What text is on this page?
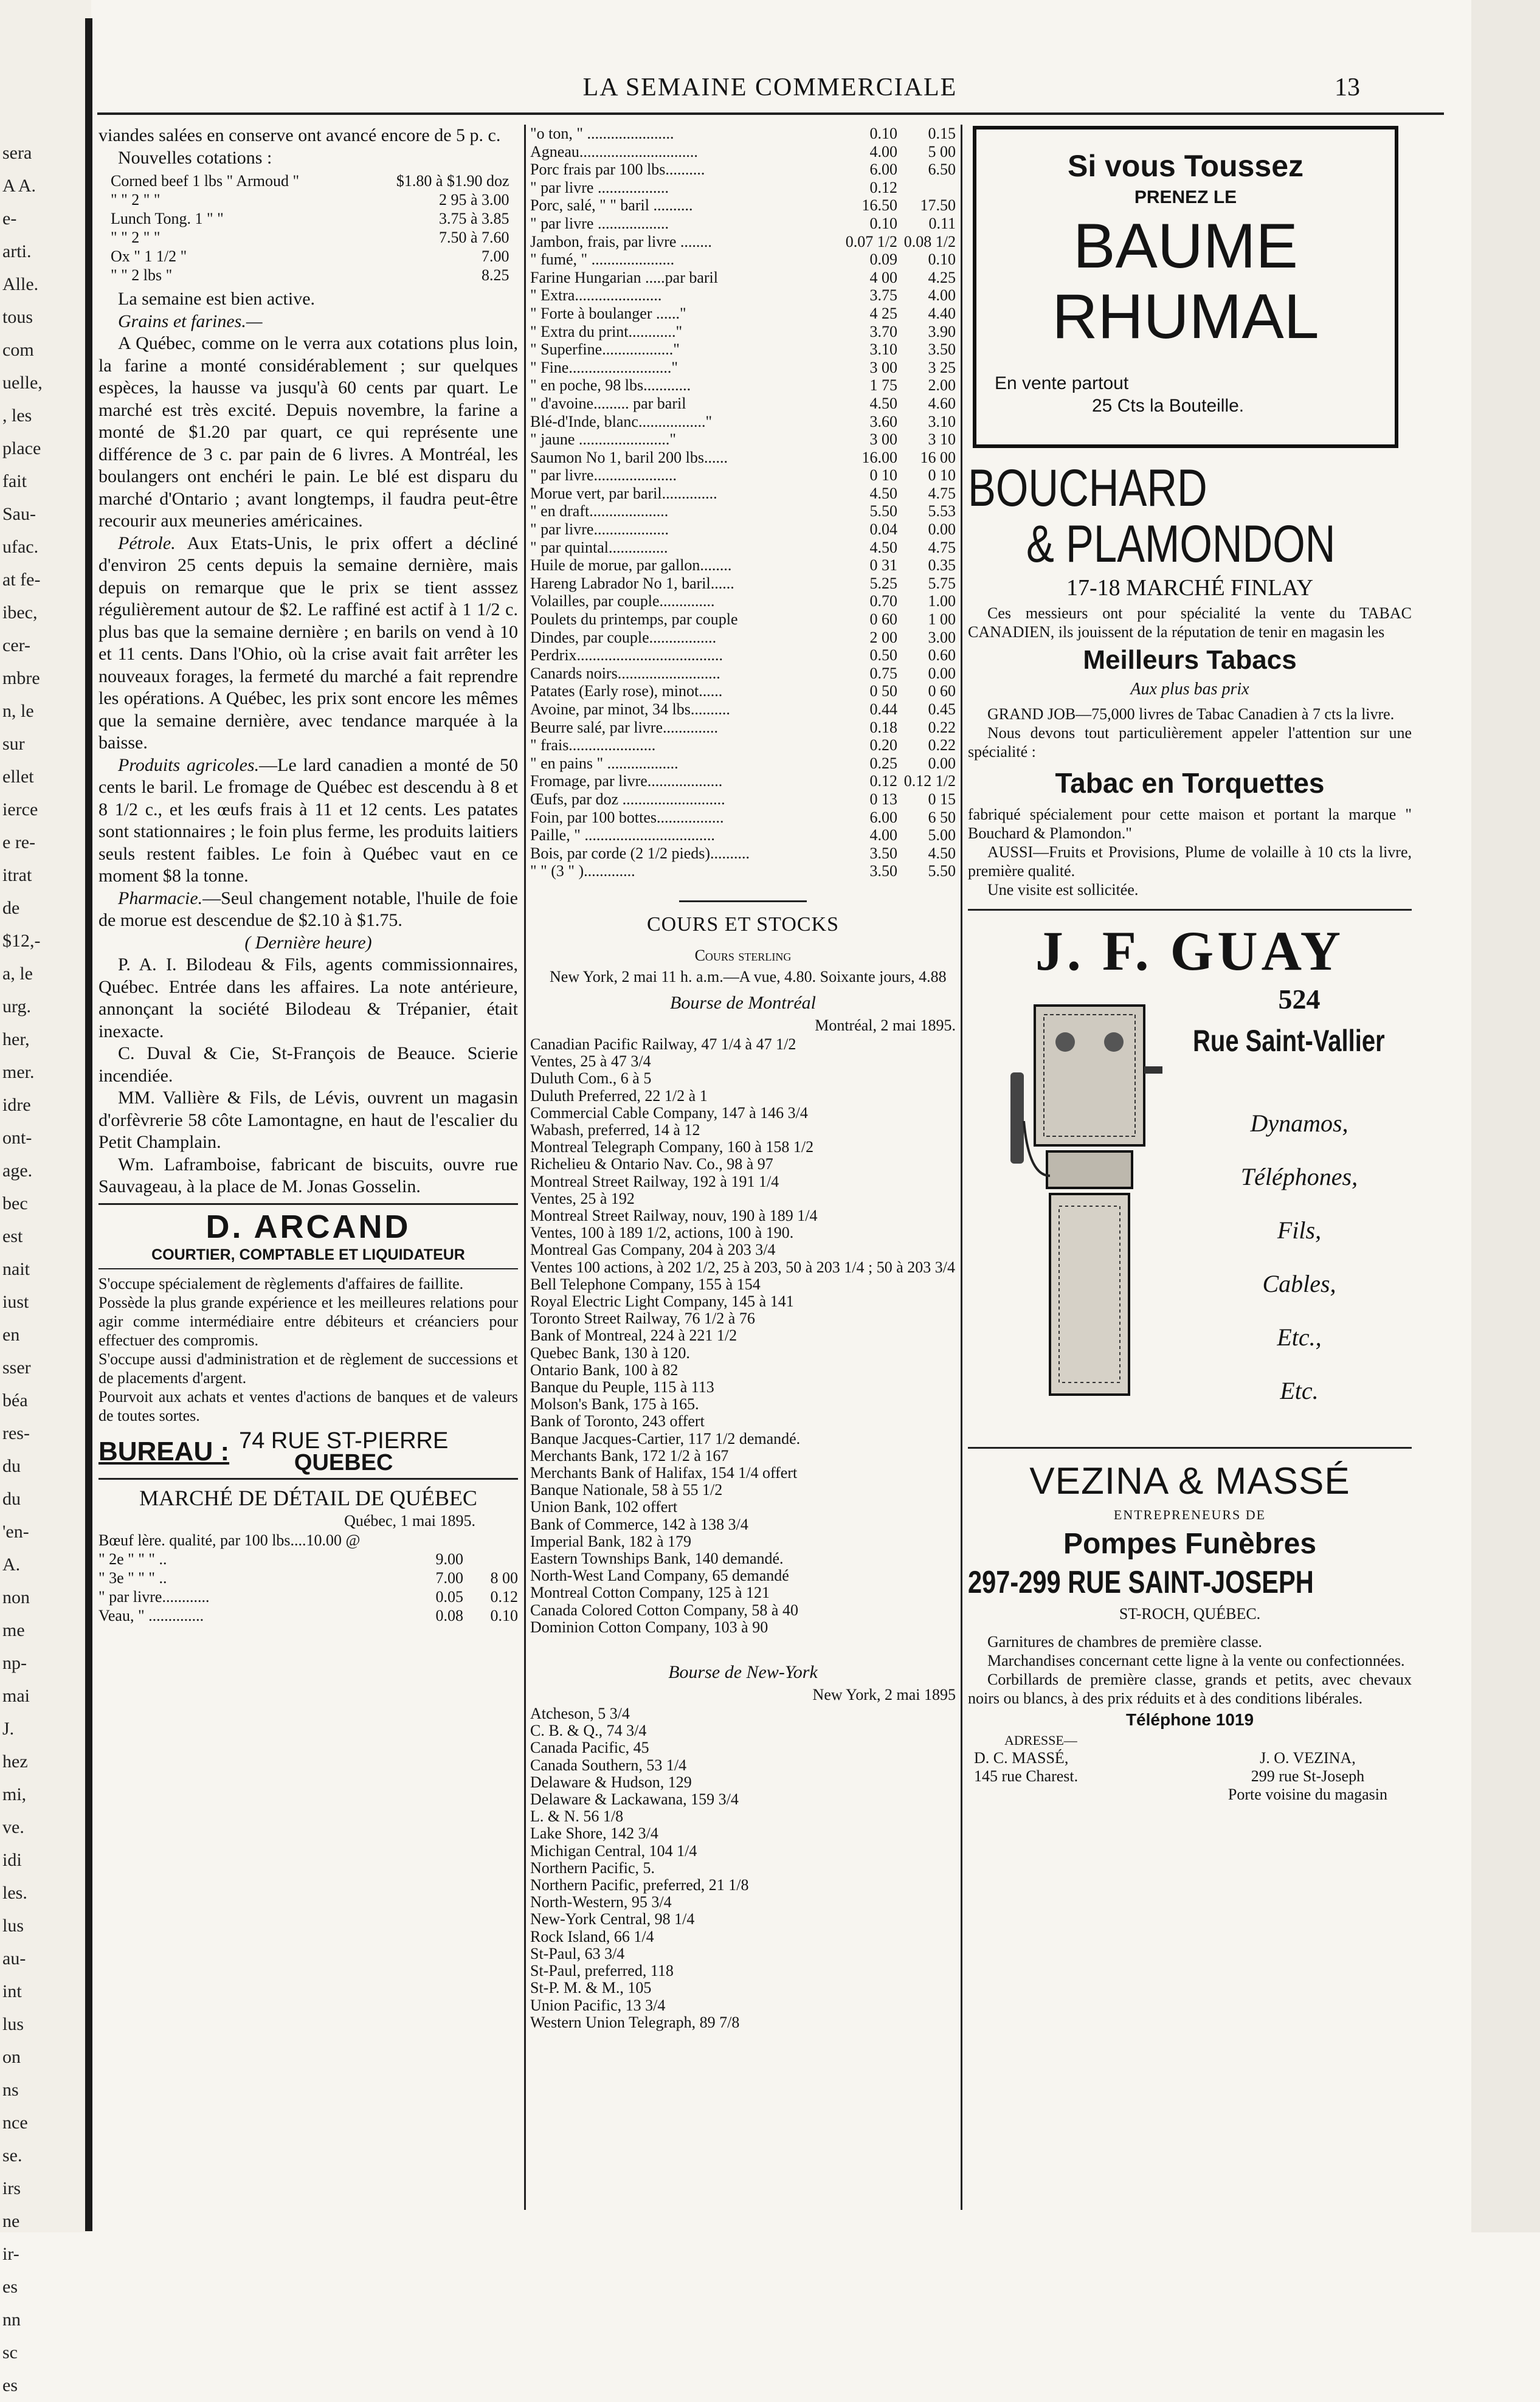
sera
A A.
e-
arti.
Alle.
tous
com
uelle,
, les
place
fait
Sau-
ufac.
at fe-
ibec,
cer-
mbre
n, le
sur
ellet
ierce
e re-
itrat
de
$12,-
a, le
urg.
her,
mer.
idre
ont-
age.
bec
est
nait
iust
en
sser
béa
res-
du
du
'en-
A.
non
me
np-
mai
J.
hez
mi,
ve.
idi
les.
lus
au-
int
lus
on
ns
nce
se.
irs
ne
ir-
es
nn
sc
es
LA SEMAINE COMMERCIALE	13

viandes salées en conserve ont avancé encore de 5 p. c.

Nouvelles cotations :

Corned beef 1 lbs " Armoud "	$1.80 à $1.90 doz
" " 2 " "	2 95 à 3.00
Lunch Tong. 1 " "	3.75 à 3.85
" " 2 " "	7.50 à 7.60
Ox " 1 1/2 "	7.00
" " 2 lbs "	8.25

La semaine est bien active.

Grains et farines.—

A Québec, comme on le verra aux cotations plus loin, la farine a monté considérablement ; sur quelques espèces, la hausse va jusqu'à 60 cents par quart. Le marché est très excité. Depuis novembre, la farine a monté de $1.20 par quart, ce qui représente une différence de 3 c. par pain de 6 livres. A Montréal, les boulangers ont enchéri le pain. Le blé est disparu du marché d'Ontario ; avant longtemps, il faudra peut-être recourir aux meuneries américaines.

Pétrole. Aux Etats-Unis, le prix offert a décliné d'environ 25 cents depuis la semaine dernière, mais depuis on remarque que le prix se tient asssez régulièrement autour de $2. Le raffiné est actif à 1 1/2 c. plus bas que la semaine dernière ; en barils on vend à 10 et 11 cents. Dans l'Ohio, où la crise avait fait arrêter les nouveaux forages, la fermeté du marché a fait reprendre les opérations. A Québec, les prix sont encore les mêmes que la semaine dernière, avec tendance marquée à la baisse.

Produits agricoles.—Le lard canadien a monté de 50 cents le baril. Le fromage de Québec est descendu à 8 et 8 1/2 c., et les œufs frais à 11 et 12 cents. Les patates sont stationnaires ; le foin plus ferme, les produits laitiers seuls restent faibles. Le foin à Québec vaut en ce moment $8 la tonne.

Pharmacie.—Seul changement notable, l'huile de foie de morue est descendue de $2.10 à $1.75.

( Dernière heure)

P. A. I. Bilodeau & Fils, agents commissionnaires, Québec. Entrée dans les affaires. La note antérieure, annonçant la société Bilodeau & Trépanier, était inexacte.

C. Duval & Cie, St-François de Beauce. Scierie incendiée.

MM. Vallière & Fils, de Lévis, ouvrent un magasin d'orfèvrerie 58 côte Lamontagne, en haut de l'escalier du Petit Champlain.

Wm. Laframboise, fabricant de biscuits, ouvre rue Sauvageau, à la place de M. Jonas Gosselin.

D. ARCAND
COURTIER, COMPTABLE ET LIQUIDATEUR

S'occupe spécialement de règlements d'affaires de faillite.

Possède la plus grande expérience et les meilleures relations pour agir comme intermédiaire entre débiteurs et créanciers pour effectuer des compromis.

S'occupe aussi d'administration et de règlement de successions et de placements d'argent.

Pourvoit aux achats et ventes d'actions de banques et de valeurs de toutes sortes.

BUREAU : 74 RUE ST-PIERRE
QUEBEC
MARCHÉ DE DÉTAIL DE QUÉBEC
Québec, 1 mai 1895.
Bœuf lère. qualité, par 100 lbs....10.00 @		
" 2e " " " ..	9.00	
" 3e " " " ..	7.00	8 00
" par livre............	0.05	0.12
Veau, " ..............	0.08	0.10
"o ton, " ......................	0.10	0.15
Agneau..............................	4.00	5 00
Porc frais par 100 lbs..........	6.00	6.50
" par livre ..................	0.12	
Porc, salé, " " baril ..........	16.50	17.50
" par livre ..................	0.10	0.11
Jambon, frais, par livre ........	0.07 1/2	0.08 1/2
" fumé, " .....................	0.09	0.10
Farine Hungarian .....par baril	4 00	4.25
" Extra......................	3.75	4.00
" Forte à boulanger ......"	4 25	4.40
" Extra du print............"	3.70	3.90
" Superfine.................."	3.10	3.50
" Fine.........................."	3 00	3 25
" en poche, 98 lbs............	1 75	2.00
" d'avoine......... par baril	4.50	4.60
Blé-d'Inde, blanc................."	3.60	3.10
" jaune ......................."	3 00	3 10
Saumon No 1, baril 200 lbs......	16.00	16 00
" par livre.....................	0 10	0 10
Morue vert, par baril..............	4.50	4.75
" en draft....................	5.50	5.53
" par livre...................	0.04	0.00
" par quintal...............	4.50	4.75
Huile de morue, par gallon........	0 31	0.35
Hareng Labrador No 1, baril......	5.25	5.75
Volailles, par couple..............	0.70	1.00
Poulets du printemps, par couple	0 60	1 00
Dindes, par couple.................	2 00	3.00
Perdrix.....................................	0.50	0.60
Canards noirs..........................	0.75	0.00
Patates (Early rose), minot......	0 50	0 60
Avoine, par minot, 34 lbs..........	0.44	0.45
Beurre salé, par livre..............	0.18	0.22
" frais......................	0.20	0.22
" en pains " ..................	0.25	0.00
Fromage, par livre...................	0.12	0.12 1/2
Œufs, par doz ..........................	0 13	0 15
Foin, par 100 bottes.................	6.00	6 50
Paille, " .................................	4.00	5.00
Bois, par corde (2 1/2 pieds)..........	3.50	4.50
" " (3 " ).............	3.50	5.50
COURS ET STOCKS
Cours sterling

New York, 2 mai 11 h. a.m.—A vue, 4.80. Soixante jours, 4.88

Bourse de Montréal
Montréal, 2 mai 1895.
Canadian Pacific Railway, 47 1/4 à 47 1/2
Ventes, 25 à 47 3/4
Duluth Com., 6 à 5
Duluth Preferred, 22 1/2 à 1
Commercial Cable Company, 147 à 146 3/4
Wabash, preferred, 14 à 12
Montreal Telegraph Company, 160 à 158 1/2
Richelieu & Ontario Nav. Co., 98 à 97
Montreal Street Railway, 192 à 191 1/4
Ventes, 25 à 192
Montreal Street Railway, nouv, 190 à 189 1/4
Ventes, 100 à 189 1/2, actions, 100 à 190.
Montreal Gas Company, 204 à 203 3/4
Ventes 100 actions, à 202 1/2, 25 à 203, 50 à 203 1/4 ; 50 à 203 3/4
Bell Telephone Company, 155 à 154
Royal Electric Light Company, 145 à 141
Toronto Street Railway, 76 1/2 à 76
Bank of Montreal, 224 à 221 1/2
Quebec Bank, 130 à 120.
Ontario Bank, 100 à 82
Banque du Peuple, 115 à 113
Molson's Bank, 175 à 165.
Bank of Toronto, 243 offert
Banque Jacques-Cartier, 117 1/2 demandé.
Merchants Bank, 172 1/2 à 167
Merchants Bank of Halifax, 154 1/4 offert
Banque Nationale, 58 à 55 1/2
Union Bank, 102 offert
Bank of Commerce, 142 à 138 3/4
Imperial Bank, 182 à 179
Eastern Townships Bank, 140 demandé.
North-West Land Company, 65 demandé
Montreal Cotton Company, 125 à 121
Canada Colored Cotton Company, 58 à 40
Dominion Cotton Company, 103 à 90
Bourse de New-York
New York, 2 mai 1895
Atcheson, 5 3/4
C. B. & Q., 74 3/4
Canada Pacific, 45
Canada Southern, 53 1/4
Delaware & Hudson, 129
Delaware & Lackawana, 159 3/4
L. & N. 56 1/8
Lake Shore, 142 3/4
Michigan Central, 104 1/4
Northern Pacific, 5.
Northern Pacific, preferred, 21 1/8
North-Western, 95 3/4
New-York Central, 98 1/4
Rock Island, 66 1/4
St-Paul, 63 3/4
St-Paul, preferred, 118
St-P. M. & M., 105
Union Pacific, 13 3/4
Western Union Telegraph, 89 7/8
Si vous Toussez
PRENEZ LE
BAUME
RHUMAL
En vente partout
25 Cts la Bouteille.
BOUCHARD
& PLAMONDON
17-18 MARCHÉ FINLAY

Ces messieurs ont pour spécialité la vente du TABAC CANADIEN, ils jouissent de la réputation de tenir en magasin les

Meilleurs Tabacs
Aux plus bas prix

GRAND JOB—75,000 livres de Tabac Canadien à 7 cts la livre.

Nous devons tout particulièrement appeler l'attention sur une spécialité :

Tabac en Torquettes

fabriqué spécialement pour cette maison et portant la marque " Bouchard & Plamondon."

AUSSI—Fruits et Provisions, Plume de volaille à 10 cts la livre, première qualité.

Une visite est sollicitée.

J. F. GUAY
524
Rue Saint-Vallier
Dynamos,
Téléphones,
Fils,
Cables,
Etc.,
Etc.
VEZINA & MASSÉ
ENTREPRENEURS DE
Pompes Funèbres
297-299 RUE SAINT-JOSEPH
ST-ROCH, QUÉBEC.

Garnitures de chambres de première classe.

Marchandises concernant cette ligne à la vente ou confectionnées.

Corbillards de première classe, grands et petits, avec chevaux noirs ou blancs, à des prix réduits et à des conditions libérales.

Téléphone 1019
ADRESSE—
D. C. MASSÉ,
145 rue Charest.
J. O. VEZINA,
299 rue St-Joseph
Porte voisine du magasin
